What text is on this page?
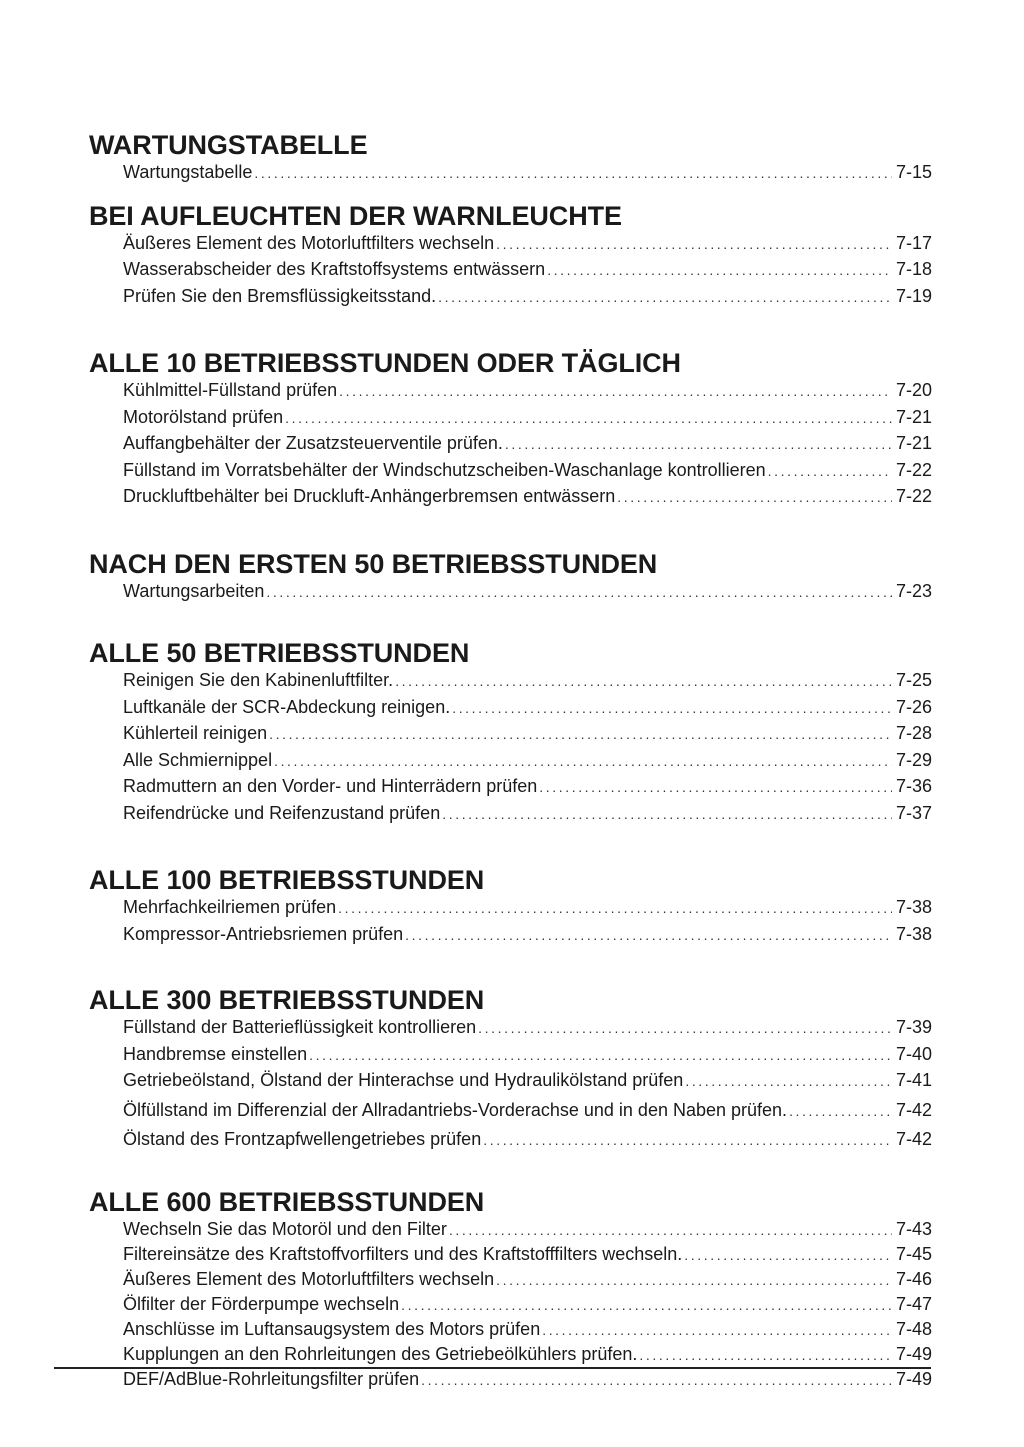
WARTUNGSTABELLE
Wartungstabelle .....	7-15
BEI AUFLEUCHTEN DER WARNLEUCHTE
Äußeres Element des Motorluftfilters wechseln .....	7-17
Wasserabscheider des Kraftstoffsystems entwässern .....	7-18
Prüfen Sie den Bremsflüssigkeitsstand. .....	7-19
ALLE 10 BETRIEBSSTUNDEN ODER TÄGLICH
Kühlmittel-Füllstand prüfen .....	7-20
Motorölstand prüfen .....	7-21
Auffangbehälter der Zusatzsteuerventile prüfen. .....	7-21
Füllstand im Vorratsbehälter der Windschutzscheiben-Waschanlage kontrollieren .....	7-22
Druckluftbehälter bei Druckluft-Anhängerbremsen entwässern .....	7-22
NACH DEN ERSTEN 50 BETRIEBSSTUNDEN
Wartungsarbeiten .....	7-23
ALLE 50 BETRIEBSSTUNDEN
Reinigen Sie den Kabinenluftfilter. .....	7-25
Luftkanäle der SCR-Abdeckung reinigen. .....	7-26
Kühlerteil reinigen .....	7-28
Alle Schmiernippel .....	7-29
Radmuttern an den Vorder- und Hinterrädern prüfen .....	7-36
Reifendrücke und Reifenzustand prüfen .....	7-37
ALLE 100 BETRIEBSSTUNDEN
Mehrfachkeilriemen prüfen .....	7-38
Kompressor-Antriebsriemen prüfen .....	7-38
ALLE 300 BETRIEBSSTUNDEN
Füllstand der Batterieflüssigkeit kontrollieren .....	7-39
Handbremse einstellen .....	7-40
Getriebeölstand, Ölstand der Hinterachse und Hydraulikölstand prüfen .....	7-41
Ölfüllstand im Differenzial der Allradantriebs-Vorderachse und in den Naben prüfen. .....	7-42
Ölstand des Frontzapfwellengetriebes prüfen .....	7-42
ALLE 600 BETRIEBSSTUNDEN
Wechseln Sie das Motoröl und den Filter .....	7-43
Filtereinsätze des Kraftstoffvorfilters und des Kraftstofffilters wechseln. .....	7-45
Äußeres Element des Motorluftfilters wechseln .....	7-46
Ölfilter der Förderpumpe wechseln .....	7-47
Anschlüsse im Luftansaugsystem des Motors prüfen .....	7-48
Kupplungen an den Rohrleitungen des Getriebeölkühlers prüfen. .....	7-49
DEF/AdBlue-Rohrleitungsfilter prüfen .....	7-49
